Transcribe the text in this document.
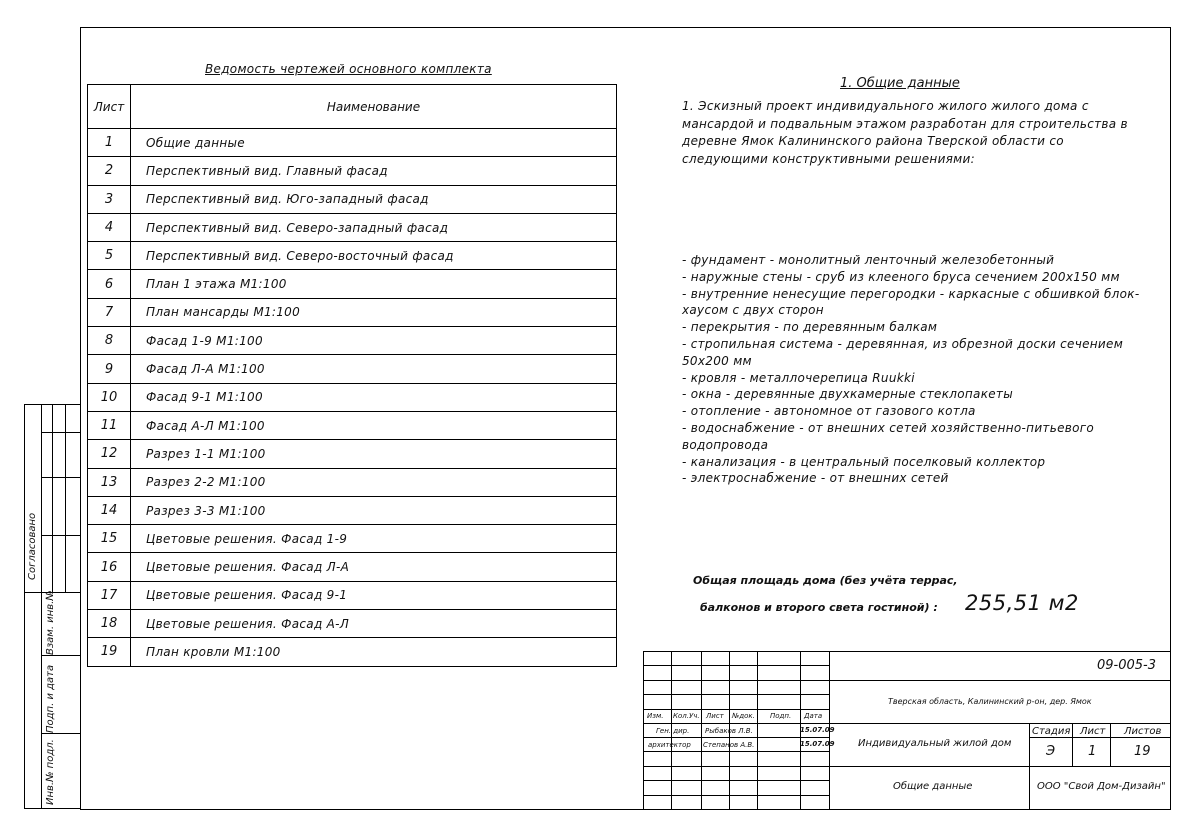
Согласовано
Взам. инв.№
Подп. и дата
Инв.№ подл.
Ведомость чертежей основного комплекта
Лист	Наименование
1	Общие данные
2	Перспективный вид. Главный фасад
3	Перспективный вид. Юго-западный фасад
4	Перспективный вид. Северо-западный фасад
5	Перспективный вид. Северо-восточный фасад
6	План 1 этажа М1:100
7	План мансарды М1:100
8	Фасад 1-9 М1:100
9	Фасад Л-А М1:100
10	Фасад 9-1 М1:100
11	Фасад А-Л М1:100
12	Разрез 1-1 М1:100
13	Разрез 2-2 М1:100
14	Разрез 3-3 М1:100
15	Цветовые решения. Фасад 1-9
16	Цветовые решения. Фасад Л-А
17	Цветовые решения. Фасад 9-1
18	Цветовые решения. Фасад А-Л
19	План кровли М1:100
1. Общие данные
1. Эскизный проект индивидуального жилого жилого дома с мансардой и подвальным этажом разработан для строительства в деревне Ямок Калининского района Тверской области со следующими конструктивными решениями:
- фундамент - монолитный ленточный железобетонный
- наружные стены - сруб из клееного бруса сечением 200х150 мм
- внутренние ненесущие перегородки - каркасные с обшивкой блок-хаусом с двух сторон
- перекрытия - по деревянным балкам
- стропильная система - деревянная, из обрезной доски сечением 50х200 мм
- кровля - металлочерепица Ruukki
- окна - деревянные двухкамерные стеклопакеты
- отопление - автономное от газового котла
- водоснабжение - от внешних сетей хозяйственно-питьевого водопровода
- канализация - в центральный поселковый коллектор
- электроснабжение - от внешних сетей
Общая площадь дома (без учёта террас,
балконов и второго света гостиной) : 255,51 м2
Изм. Кол.Уч. Лист №док. Подп. Дата
Ген. дир. Рыбаков Л.В.	15.07.09
архитектор Степанов А.В.	15.07.09
09-005-3
Тверская область, Калининский р-он, дер. Ямок
Индивидуальный жилой дом
Общие данные	ООО "Свой Дом-Дизайн"
Стадия Лист Листов
Э	1	19
